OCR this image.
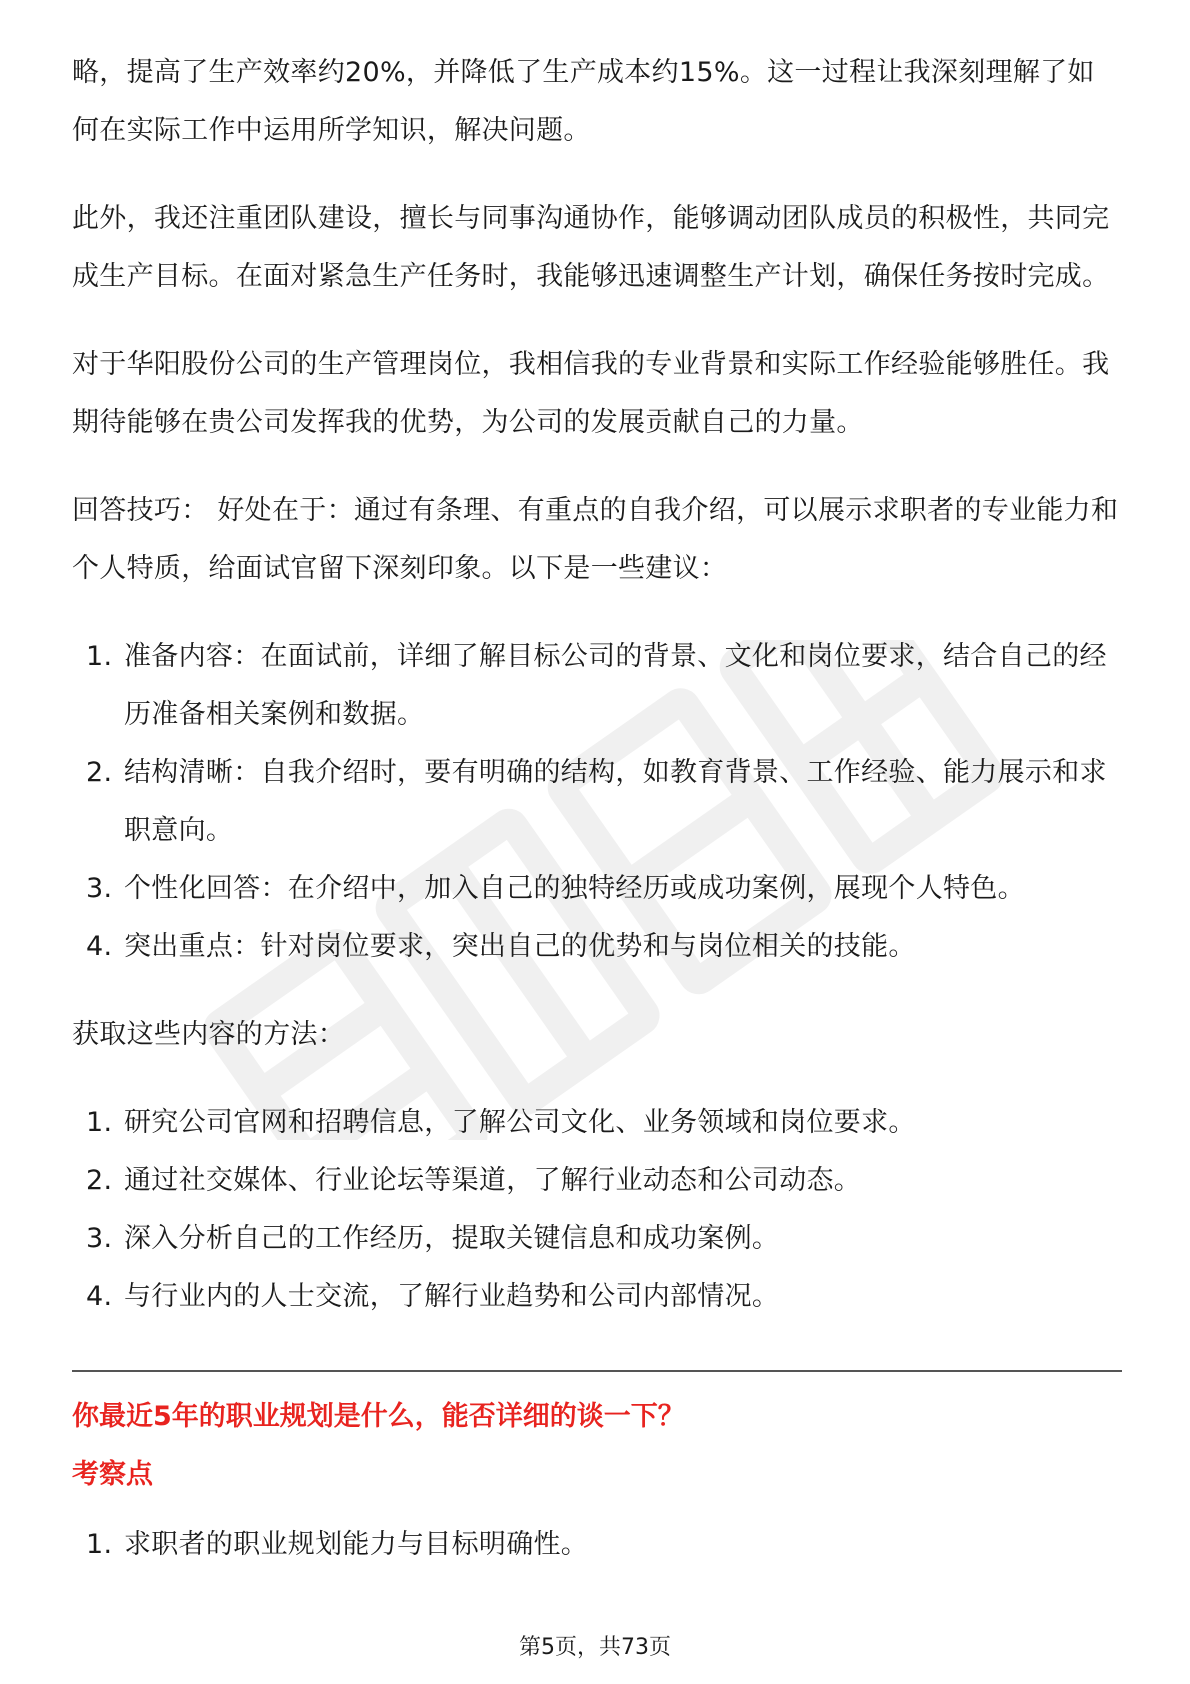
略，提高了生产效率约20%，并降低了生产成本约15%。这一过程让我深刻理解了如何在实际工作中运用所学知识，解决问题。

此外，我还注重团队建设，擅长与同事沟通协作，能够调动团队成员的积极性，共同完成生产目标。在面对紧急生产任务时，我能够迅速调整生产计划，确保任务按时完成。

对于华阳股份公司的生产管理岗位，我相信我的专业背景和实际工作经验能够胜任。我期待能够在贵公司发挥我的优势，为公司的发展贡献自己的力量。

回答技巧： 好处在于：通过有条理、有重点的自我介绍，可以展示求职者的专业能力和个人特质，给面试官留下深刻印象。以下是一些建议：

1. 准备内容：在面试前，详细了解目标公司的背景、文化和岗位要求，结合自己的经历准备相关案例和数据。
2. 结构清晰：自我介绍时，要有明确的结构，如教育背景、工作经验、能力展示和求职意向。
3. 个性化回答：在介绍中，加入自己的独特经历或成功案例，展现个人特色。
4. 突出重点：针对岗位要求，突出自己的优势和与岗位相关的技能。

获取这些内容的方法：

1. 研究公司官网和招聘信息，了解公司文化、业务领域和岗位要求。
2. 通过社交媒体、行业论坛等渠道，了解行业动态和公司动态。
3. 深入分析自己的工作经历，提取关键信息和成功案例。
4. 与行业内的人士交流，了解行业趋势和公司内部情况。
你最近5年的职业规划是什么，能否详细的谈一下？
考察点
1. 求职者的职业规划能力与目标明确性。
第5页，共73页
